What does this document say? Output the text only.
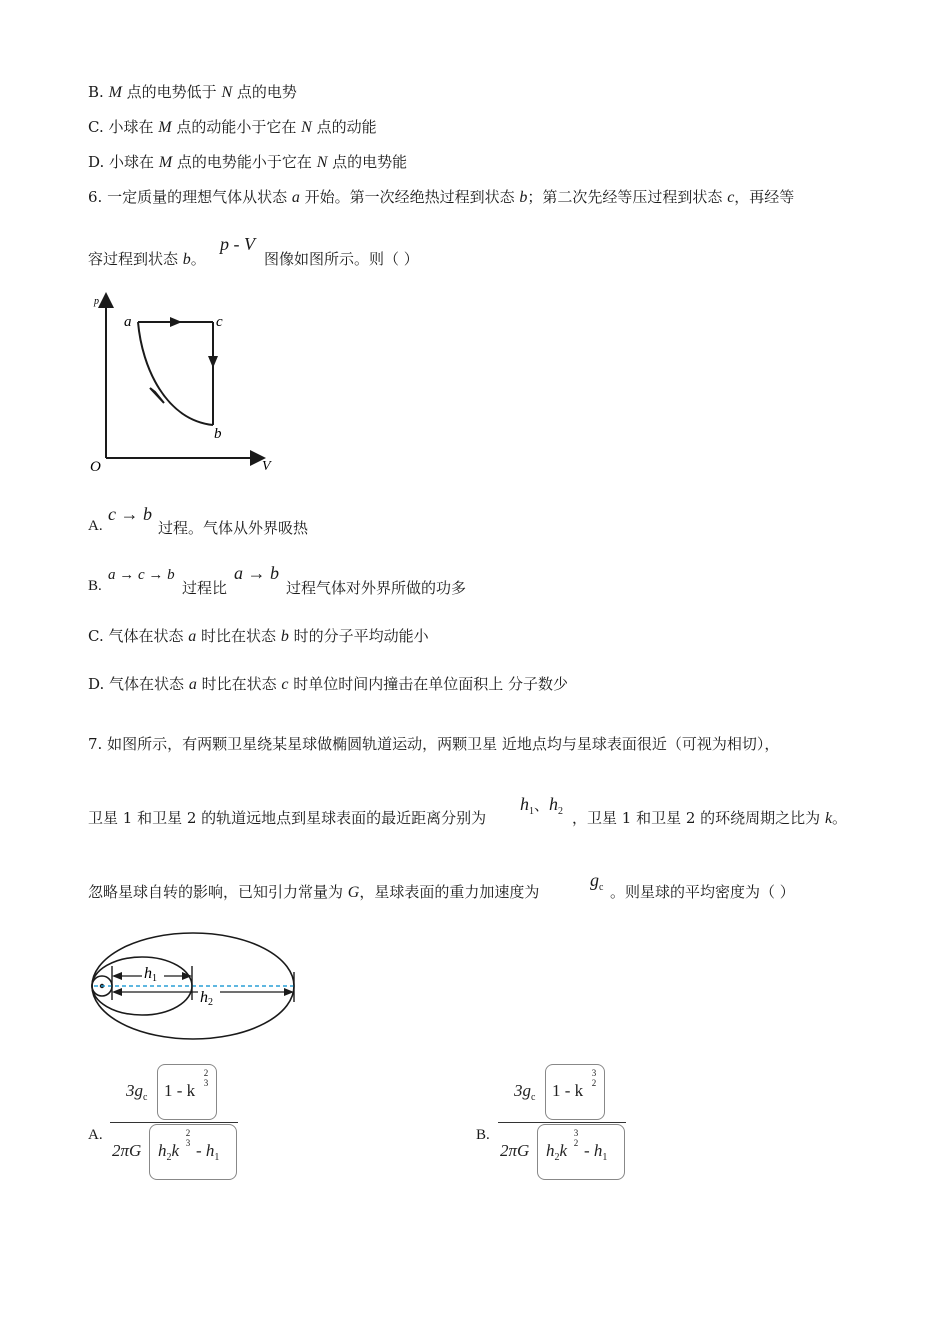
B. M 点的电势低于 N 点的电势
C. 小球在 M 点的动能小于它在 N 点的动能
D. 小球在 M 点的电势能小于它在 N 点的电势能
6. 一定质量的理想气体从状态 a 开始。第一次经绝热过程到状态 b；第二次先经等压过程到状态 c，再经等
容过程到状态 b。
p - V
图像如图所示。则（ ）
p
V
O
a	c
b
A.
c → b
过程。气体从外界吸热
B.
a → c → b
过程比
a → b
过程气体对外界所做的功多
C. 气体在状态 a 时比在状态 b 时的分子平均动能小
D. 气体在状态 a 时比在状态 c 时单位时间内撞击在单位面积上 分子数少
7. 如图所示，有两颗卫星绕某星球做椭圆轨道运动，两颗卫星 近地点均与星球表面很近（可视为相切），
卫星 1 和卫星 2 的轨道远地点到星球表面的最近距离分别为
$h_1$、$h_2$ ，卫星 1 和卫星 2 的环绕周期之比为 k。
忽略星球自转的影响，已知引力常量为 G，星球表面的重力加速度为
$g_c$ 。则星球的平均密度为（ ）
h1
h2
A.
$3g_c$ 1 - k
2
3
2πG $h_2k$
2
$3 - h_1$
B.
$3g_c$ 1 - k
3
2
2πG $h_2k$
3
$2 - h_1$
